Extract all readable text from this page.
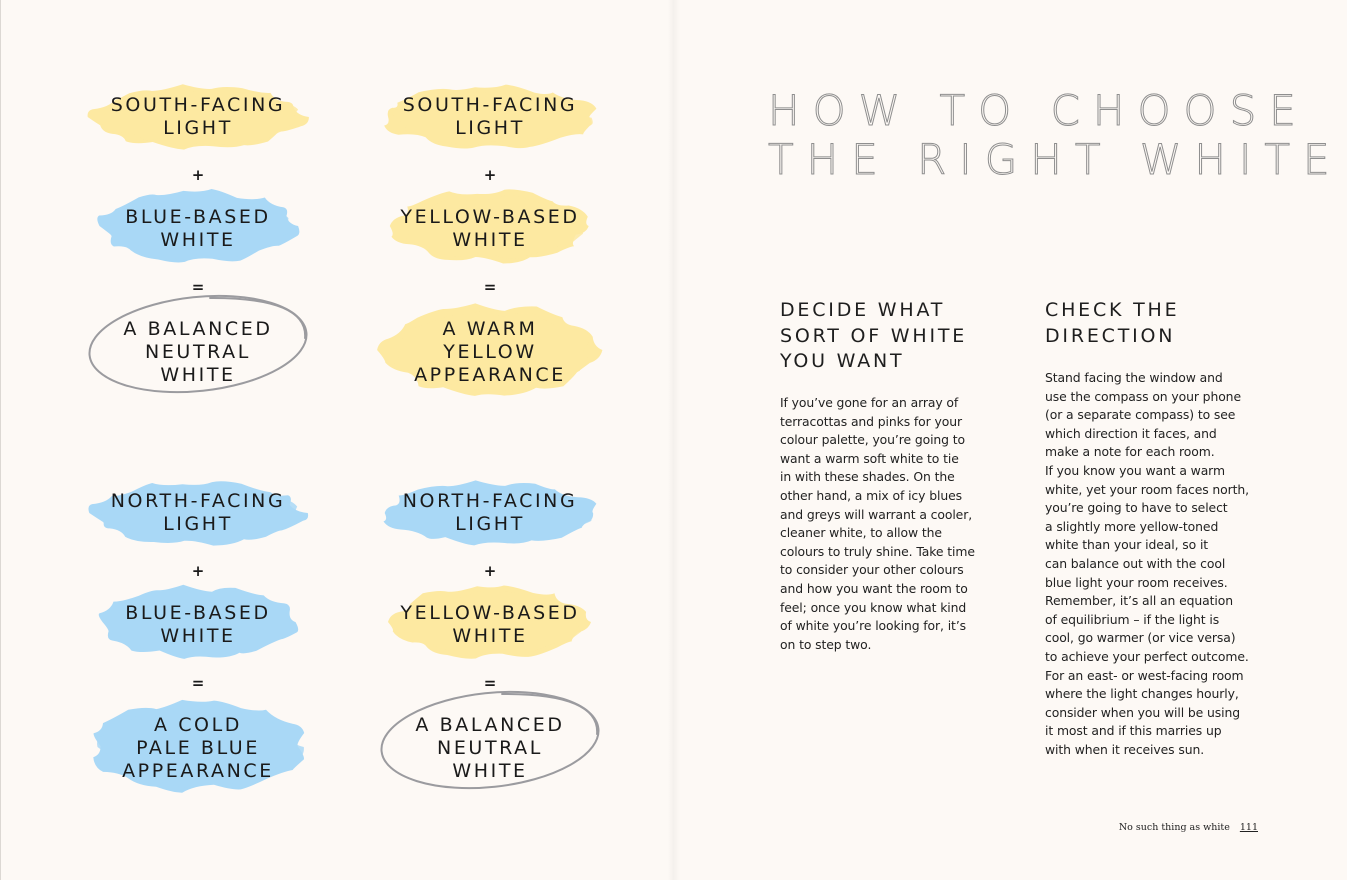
SOUTH-FACING
LIGHT
+
BLUE-BASED
WHITE
=
A BALANCED
NEUTRAL
WHITE
SOUTH-FACING
LIGHT
+
YELLOW-BASED
WHITE
=
A WARM
YELLOW
APPEARANCE
NORTH-FACING
LIGHT
+
BLUE-BASED
WHITE
=
A COLD
PALE BLUE
APPEARANCE
NORTH-FACING
LIGHT
+
YELLOW-BASED
WHITE
=
A BALANCED
NEUTRAL
WHITE
HOW TO CHOOSE
THE RIGHT WHITE
DECIDE WHAT
SORT OF WHITE
YOU WANT

If you’ve gone for an array of
terracottas and pinks for your
colour palette, you’re going to
want a warm soft white to tie
in with these shades. On the
other hand, a mix of icy blues
and greys will warrant a cooler,
cleaner white, to allow the
colours to truly shine. Take time
to consider your other colours
and how you want the room to
feel; once you know what kind
of white you’re looking for, it’s
on to step two.

CHECK THE
DIRECTION

Stand facing the window and
use the compass on your phone
(or a separate compass) to see
which direction it faces, and
make a note for each room.
If you know you want a warm
white, yet your room faces north,
you’re going to have to select
a slightly more yellow-toned
white than your ideal, so it
can balance out with the cool
blue light your room receives.
Remember, it’s all an equation
of equilibrium – if the light is
cool, go warmer (or vice versa)
to achieve your perfect outcome.
For an east- or west-facing room
where the light changes hourly,
consider when you will be using
it most and if this marries up
with when it receives sun.

No such thing as white 111
